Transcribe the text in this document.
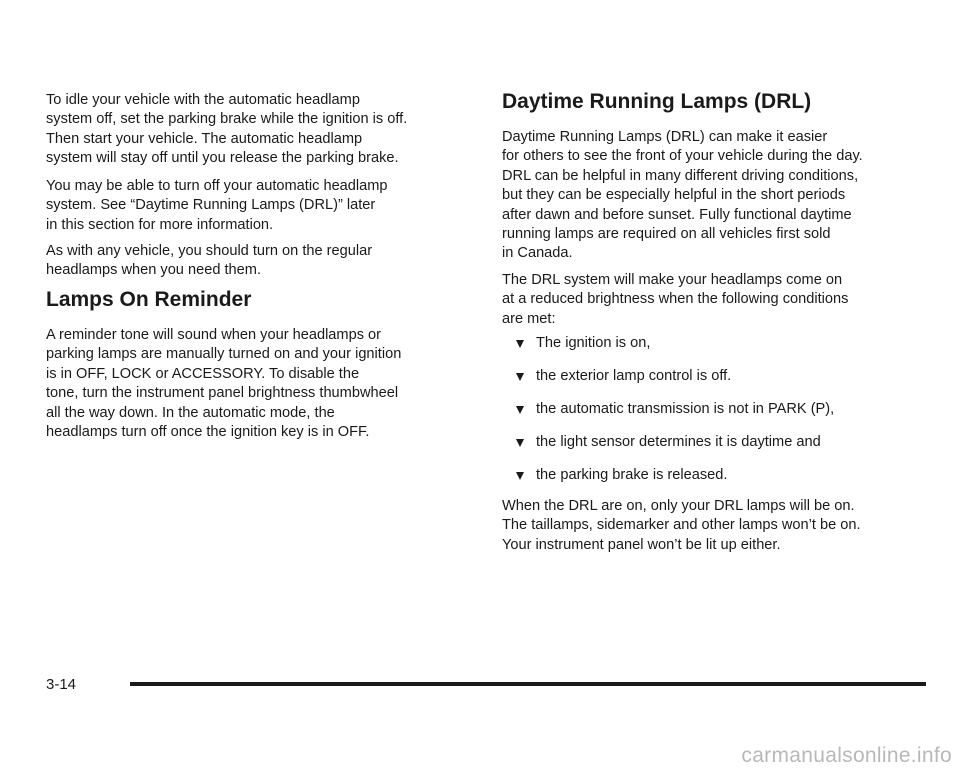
To idle your vehicle with the automatic headlamp
system off, set the parking brake while the ignition is off.
Then start your vehicle. The automatic headlamp
system will stay off until you release the parking brake.

You may be able to turn off your automatic headlamp
system. See “Daytime Running Lamps (DRL)” later
in this section for more information.

As with any vehicle, you should turn on the regular
headlamps when you need them.

Lamps On Reminder

A reminder tone will sound when your headlamps or
parking lamps are manually turned on and your ignition
is in OFF, LOCK or ACCESSORY. To disable the
tone, turn the instrument panel brightness thumbwheel
all the way down. In the automatic mode, the
headlamps turn off once the ignition key is in OFF.

Daytime Running Lamps (DRL)

Daytime Running Lamps (DRL) can make it easier
for others to see the front of your vehicle during the day.
DRL can be helpful in many different driving conditions,
but they can be especially helpful in the short periods
after dawn and before sunset. Fully functional daytime
running lamps are required on all vehicles first sold
in Canada.

The DRL system will make your headlamps come on
at a reduced brightness when the following conditions
are met:

The ignition is on,
the exterior lamp control is off.
the automatic transmission is not in PARK (P),
the light sensor determines it is daytime and
the parking brake is released.

When the DRL are on, only your DRL lamps will be on.
The taillamps, sidemarker and other lamps won’t be on.
Your instrument panel won’t be lit up either.

3-14
carmanualsonline.info
